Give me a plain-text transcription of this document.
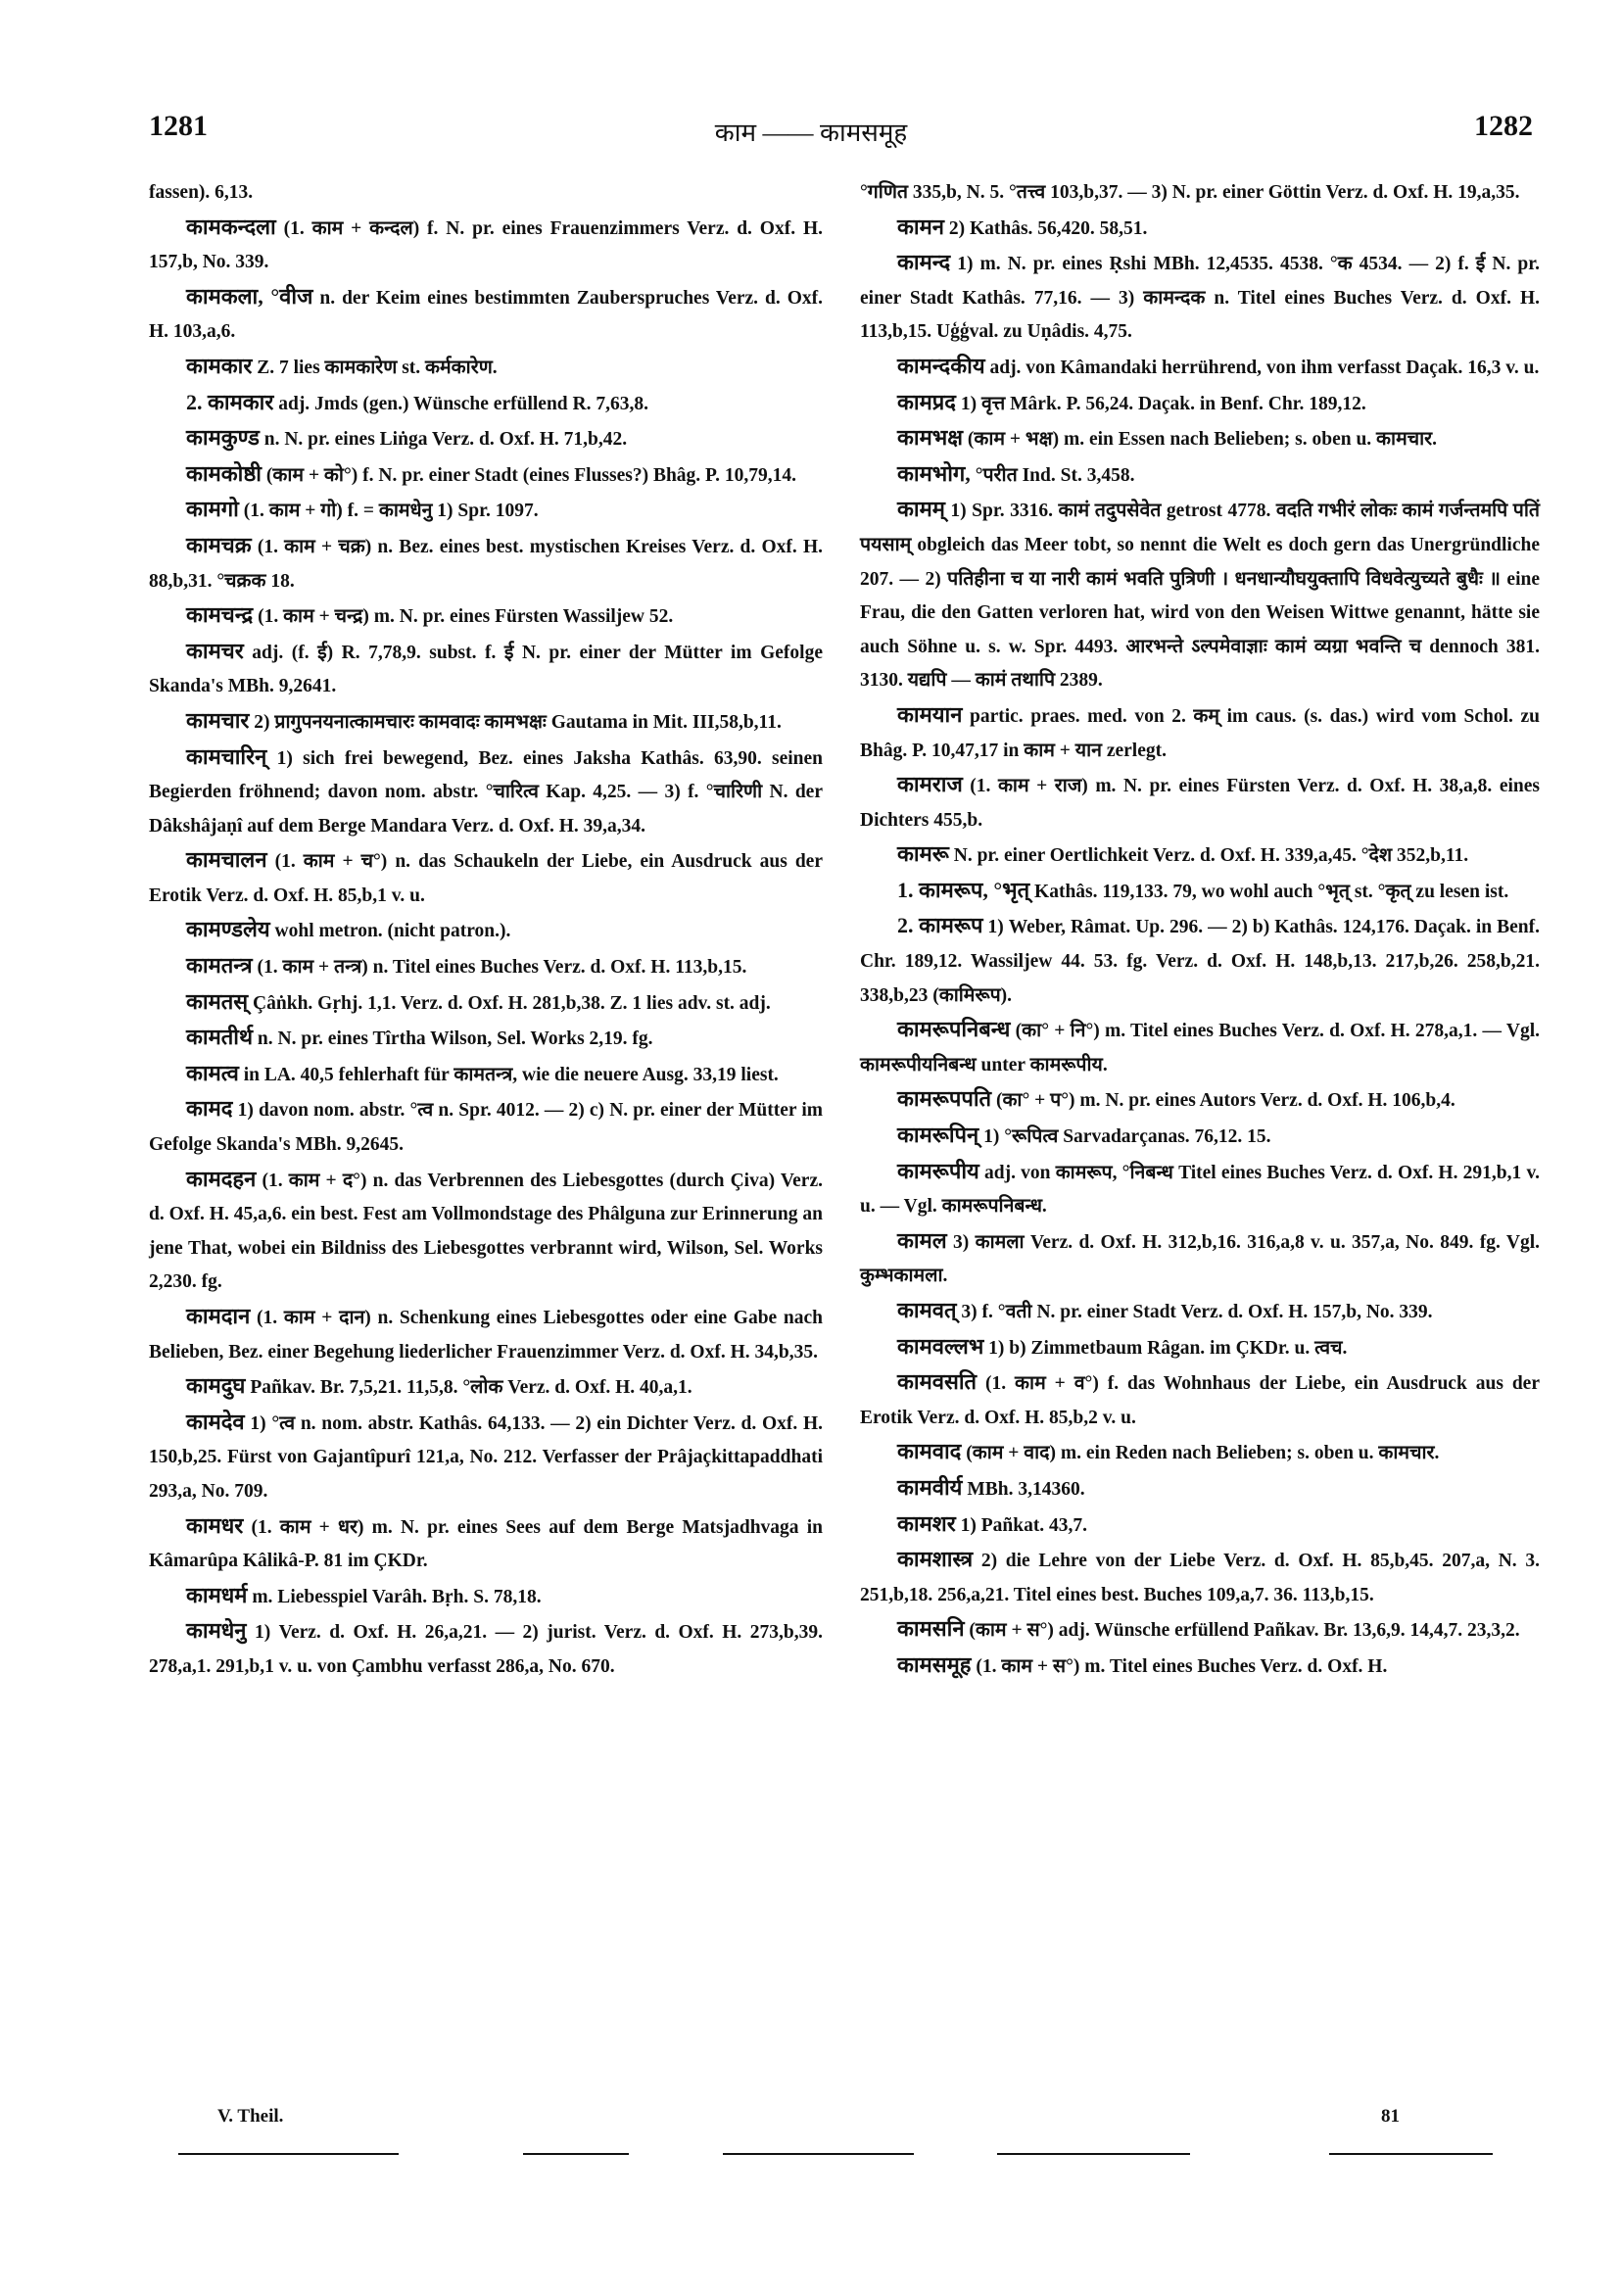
1281	काम —— कामसमूह	1282

fassen). 6,13.

कामकन्दला (1. काम + कन्दल) f. N. pr. eines Frauenzimmers Verz. d. Oxf. H. 157,b, No. 339.

कामकला, °वीज n. der Keim eines bestimmten Zauberspruches Verz. d. Oxf. H. 103,a,6.

कामकार Z. 7 lies कामकारेण st. कर्मकारेण.

2. कामकार adj. Jmds (gen.) Wünsche erfüllend R. 7,63,8.

कामकुण्ड n. N. pr. eines Liṅga Verz. d. Oxf. H. 71,b,42.

कामकोष्ठी (काम + को°) f. N. pr. einer Stadt (eines Flusses?) Bhâg. P. 10,79,14.

कामगो (1. काम + गो) f. = कामधेनु 1) Spr. 1097.

कामचक्र (1. काम + चक्र) n. Bez. eines best. mystischen Kreises Verz. d. Oxf. H. 88,b,31. °चक्रक 18.

कामचन्द्र (1. काम + चन्द्र) m. N. pr. eines Fürsten Wassiljew 52.

कामचर adj. (f. ई) R. 7,78,9. subst. f. ई N. pr. einer der Mütter im Gefolge Skanda's MBh. 9,2641.

कामचार 2) प्रागुपनयनात्कामचारः कामवादः कामभक्षः Gautama in Mit. III,58,b,11.

कामचारिन् 1) sich frei bewegend, Bez. eines Jaksha Kathâs. 63,90. seinen Begierden fröhnend; davon nom. abstr. °चारित्व Kap. 4,25. — 3) f. °चारिणी N. der Dâkshâjaṇî auf dem Berge Mandara Verz. d. Oxf. H. 39,a,34.

कामचालन (1. काम + च°) n. das Schaukeln der Liebe, ein Ausdruck aus der Erotik Verz. d. Oxf. H. 85,b,1 v. u.

कामण्डलेय wohl metron. (nicht patron.).

कामतन्त्र (1. काम + तन्त्र) n. Titel eines Buches Verz. d. Oxf. H. 113,b,15.

कामतस् Çâṅkh. Gṛhj. 1,1. Verz. d. Oxf. H. 281,b,38. Z. 1 lies adv. st. adj.

कामतीर्थ n. N. pr. eines Tîrtha Wilson, Sel. Works 2,19. fg.

कामत्व in LA. 40,5 fehlerhaft für कामतन्त्र, wie die neuere Ausg. 33,19 liest.

कामद 1) davon nom. abstr. °त्व n. Spr. 4012. — 2) c) N. pr. einer der Mütter im Gefolge Skanda's MBh. 9,2645.

कामदहन (1. काम + द°) n. das Verbrennen des Liebesgottes (durch Çiva) Verz. d. Oxf. H. 45,a,6. ein best. Fest am Vollmondstage des Phâlguna zur Erinnerung an jene That, wobei ein Bildniss des Liebesgottes verbrannt wird, Wilson, Sel. Works 2,230. fg.

कामदान (1. काम + दान) n. Schenkung eines Liebesgottes oder eine Gabe nach Belieben, Bez. einer Begehung liederlicher Frauenzimmer Verz. d. Oxf. H. 34,b,35.

कामदुघ Pañkav. Br. 7,5,21. 11,5,8. °लोक Verz. d. Oxf. H. 40,a,1.

कामदेव 1) °त्व n. nom. abstr. Kathâs. 64,133. — 2) ein Dichter Verz. d. Oxf. H. 150,b,25. Fürst von Gajantîpurî 121,a, No. 212. Verfasser der Prâjaçkittapaddhati 293,a, No. 709.

कामधर (1. काम + धर) m. N. pr. eines Sees auf dem Berge Matsjadhvaga in Kâmarûpa Kâlikâ-P. 81 im ÇKDr.

कामधर्म m. Liebesspiel Varâh. Bṛh. S. 78,18.

कामधेनु 1) Verz. d. Oxf. H. 26,a,21. — 2) jurist. Verz. d. Oxf. H. 273,b,39. 278,a,1. 291,b,1 v. u. von Çambhu verfasst 286,a, No. 670.

°गणित 335,b, N. 5. °तत्त्व 103,b,37. — 3) N. pr. einer Göttin Verz. d. Oxf. H. 19,a,35.

कामन 2) Kathâs. 56,420. 58,51.

कामन्द 1) m. N. pr. eines Ṛshi MBh. 12,4535. 4538. °क 4534. — 2) f. ई N. pr. einer Stadt Kathâs. 77,16. — 3) कामन्दक n. Titel eines Buches Verz. d. Oxf. H. 113,b,15. Uģģval. zu Uṇâdis. 4,75.

कामन्दकीय adj. von Kâmandaki herrührend, von ihm verfasst Daçak. 16,3 v. u.

कामप्रद 1) वृत्त Mârk. P. 56,24. Daçak. in Benf. Chr. 189,12.

कामभक्ष (काम + भक्ष) m. ein Essen nach Belieben; s. oben u. कामचार.

कामभोग, °परीत Ind. St. 3,458.

कामम् 1) Spr. 3316. कामं तदुपसेवेत getrost 4778. वदति गभीरं लोकः कामं गर्जन्तमपि पतिं पयसाम् obgleich das Meer tobt, so nennt die Welt es doch gern das Unergründliche 207. — 2) पतिहीना च या नारी कामं भवति पुत्रिणी । धनधान्यौघयुक्तापि विधवेत्युच्यते बुधैः ॥ eine Frau, die den Gatten verloren hat, wird von den Weisen Wittwe genannt, hätte sie auch Söhne u. s. w. Spr. 4493. आरभन्ते ऽल्पमेवाज्ञाः कामं व्यग्रा भवन्ति च dennoch 381. 3130. यद्यपि — कामं तथापि 2389.

कामयान partic. praes. med. von 2. कम् im caus. (s. das.) wird vom Schol. zu Bhâg. P. 10,47,17 in काम + यान zerlegt.

कामराज (1. काम + राज) m. N. pr. eines Fürsten Verz. d. Oxf. H. 38,a,8. eines Dichters 455,b.

कामरू N. pr. einer Oertlichkeit Verz. d. Oxf. H. 339,a,45. °देश 352,b,11.

1. कामरूप, °भृत् Kathâs. 119,133. 79, wo wohl auch °भृत् st. °कृत् zu lesen ist.

2. कामरूप 1) Weber, Râmat. Up. 296. — 2) b) Kathâs. 124,176. Daçak. in Benf. Chr. 189,12. Wassiljew 44. 53. fg. Verz. d. Oxf. H. 148,b,13. 217,b,26. 258,b,21. 338,b,23 (कामिरूप).

कामरूपनिबन्ध (का° + नि°) m. Titel eines Buches Verz. d. Oxf. H. 278,a,1. — Vgl. कामरूपीयनिबन्ध unter कामरूपीय.

कामरूपपति (का° + प°) m. N. pr. eines Autors Verz. d. Oxf. H. 106,b,4.

कामरूपिन् 1) °रूपित्व Sarvadarçanas. 76,12. 15.

कामरूपीय adj. von कामरूप, °निबन्ध Titel eines Buches Verz. d. Oxf. H. 291,b,1 v. u. — Vgl. कामरूपनिबन्ध.

कामल 3) कामला Verz. d. Oxf. H. 312,b,16. 316,a,8 v. u. 357,a, No. 849. fg. Vgl. कुम्भकामला.

कामवत् 3) f. °वती N. pr. einer Stadt Verz. d. Oxf. H. 157,b, No. 339.

कामवल्लभ 1) b) Zimmetbaum Râgan. im ÇKDr. u. त्वच.

कामवसति (1. काम + व°) f. das Wohnhaus der Liebe, ein Ausdruck aus der Erotik Verz. d. Oxf. H. 85,b,2 v. u.

कामवाद (काम + वाद) m. ein Reden nach Belieben; s. oben u. कामचार.

कामवीर्य MBh. 3,14360.

कामशर 1) Pañkat. 43,7.

कामशास्त्र 2) die Lehre von der Liebe Verz. d. Oxf. H. 85,b,45. 207,a, N. 3. 251,b,18. 256,a,21. Titel eines best. Buches 109,a,7. 36. 113,b,15.

कामसनि (काम + स°) adj. Wünsche erfüllend Pañkav. Br. 13,6,9. 14,4,7. 23,3,2.

कामसमूह (1. काम + स°) m. Titel eines Buches Verz. d. Oxf. H.

V. Theil.	81
